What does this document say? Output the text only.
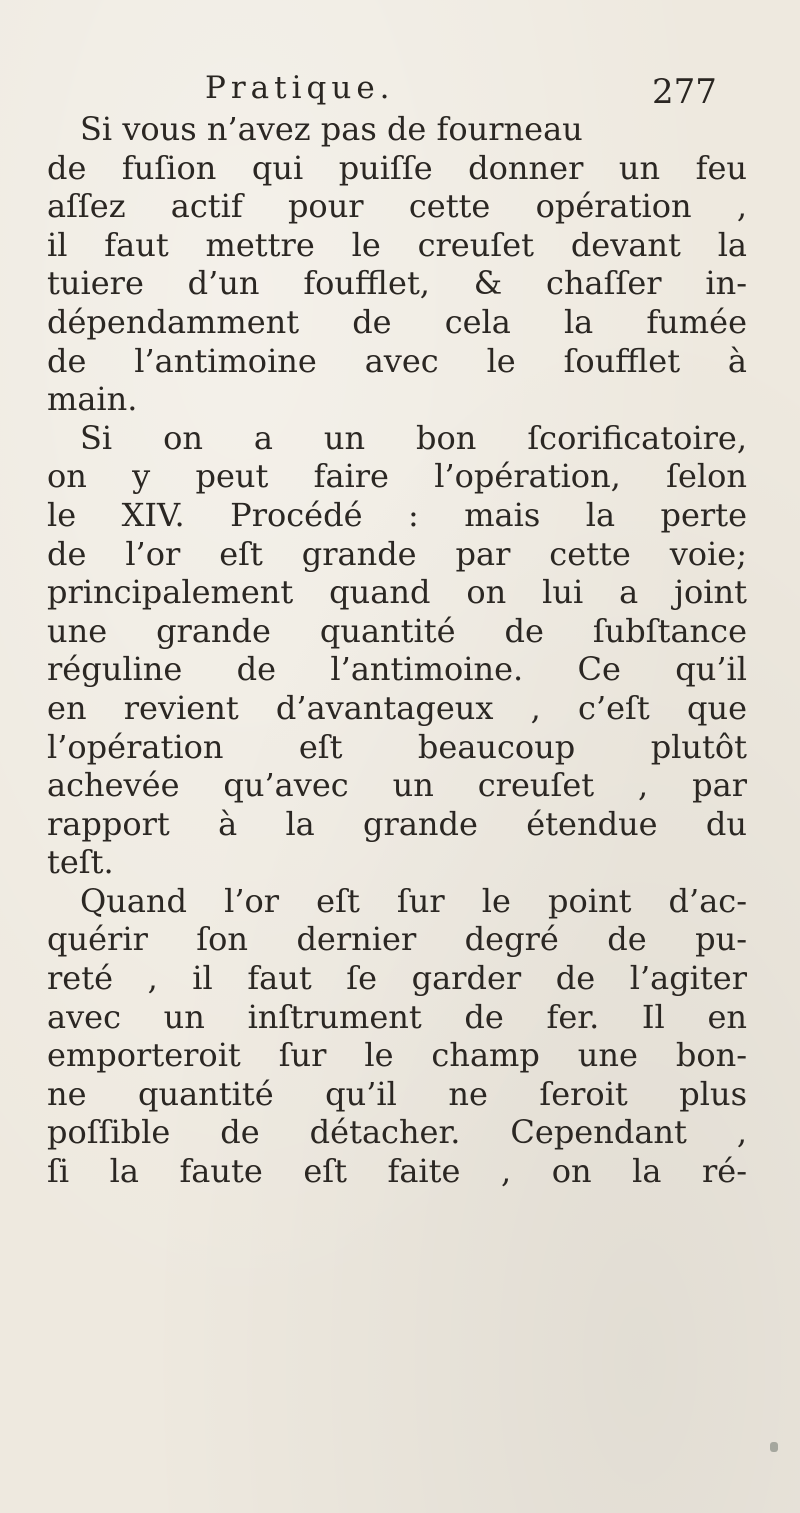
Pratique.	277
Si vous n’avez pas de fourneau
de fuſion qui puiſſe donner un feu
aſſez actif pour cette opération ,
il faut mettre le creuſet devant la
tuiere d’un foufflet, & chaſſer in-
dépendamment de cela la fumée
de l’antimoine avec le ſoufflet à
main.
Si on a un bon ſcorificatoire,
on y peut faire l’opération, ſelon
le XIV. Procédé : mais la perte
de l’or eſt grande par cette voie;
principalement quand on lui a joint
une grande quantité de ſubſtance
réguline de l’antimoine. Ce qu’il
en revient d’avantageux , c’eſt que
l’opération eſt beaucoup plutôt
achevée qu’avec un creuſet , par
rapport à la grande étendue du
teſt.
Quand l’or eſt ſur le point d’ac-
quérir ſon dernier degré de pu-
reté , il faut ſe garder de l’agiter
avec un inſtrument de fer. Il en
emporteroit ſur le champ une bon-
ne quantité qu’il ne ſeroit plus
poſſible de détacher. Cependant ,
ſi la faute eſt faite , on la ré-
